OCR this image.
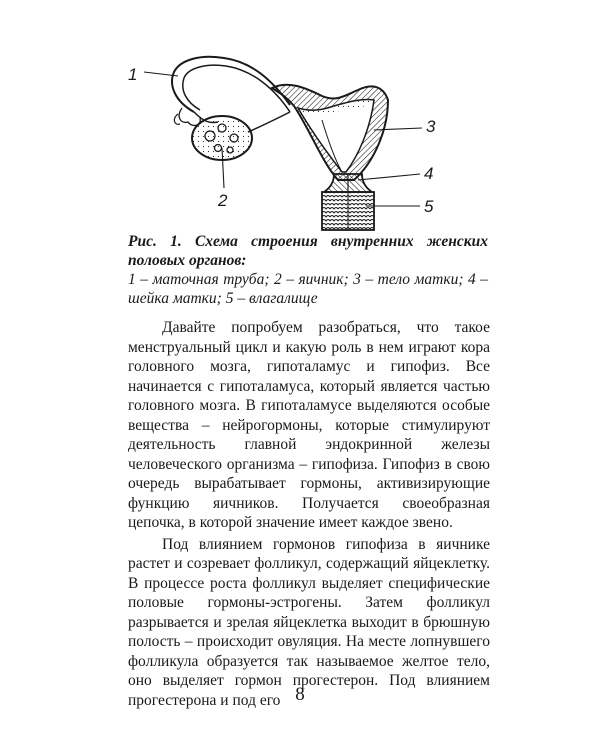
1
2
3
4
5
Рис. 1. Схема строения внутренних женских половых органов:
1 – маточная труба; 2 – яичник; 3 – тело матки; 4 – шейка матки; 5 – влагалище

Давайте попробуем разобраться, что такое менструальный цикл и какую роль в нем играют кора головного мозга, гипоталамус и гипофиз. Все начинается с гипоталамуса, который является частью головного мозга. В гипоталамусе выделяются особые вещества – нейрогормоны, которые стимулируют деятельность главной эндокринной железы человеческого организма – гипофиза. Гипофиз в свою очередь вырабатывает гормоны, активизирующие функцию яичников. Получается своеобразная цепочка, в которой значение имеет каждое звено.

Под влиянием гормонов гипофиза в яичнике растет и созревает фолликул, содержащий яйцеклетку. В процессе роста фолликул выделяет специфические половые гормоны-эстрогены. Затем фолликул разрывается и зрелая яйцеклетка выходит в брюшную полость – происходит овуляция. На месте лопнувшего фолликула образуется так называемое желтое тело, оно выделяет гормон прогестерон. Под влиянием прогестерона и под его 8
